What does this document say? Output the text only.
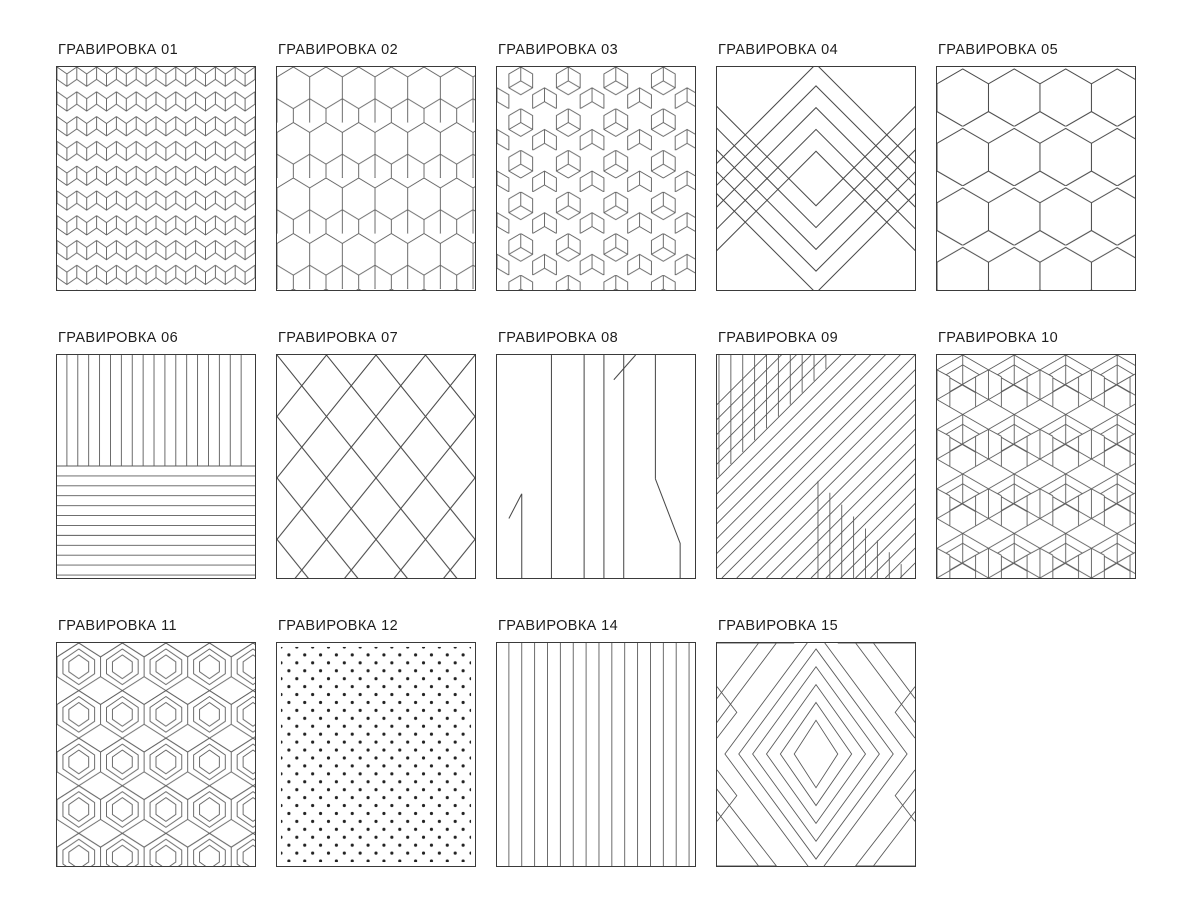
ГРАВИРОВКА 01	ГРАВИРОВКА 02	ГРАВИРОВКА 03	ГРАВИРОВКА 04	ГРАВИРОВКА 05
ГРАВИРОВКА 06	ГРАВИРОВКА 07	ГРАВИРОВКА 08	ГРАВИРОВКА 09	ГРАВИРОВКА 10
ГРАВИРОВКА 11	ГРАВИРОВКА 12	ГРАВИРОВКА 14	ГРАВИРОВКА 15
